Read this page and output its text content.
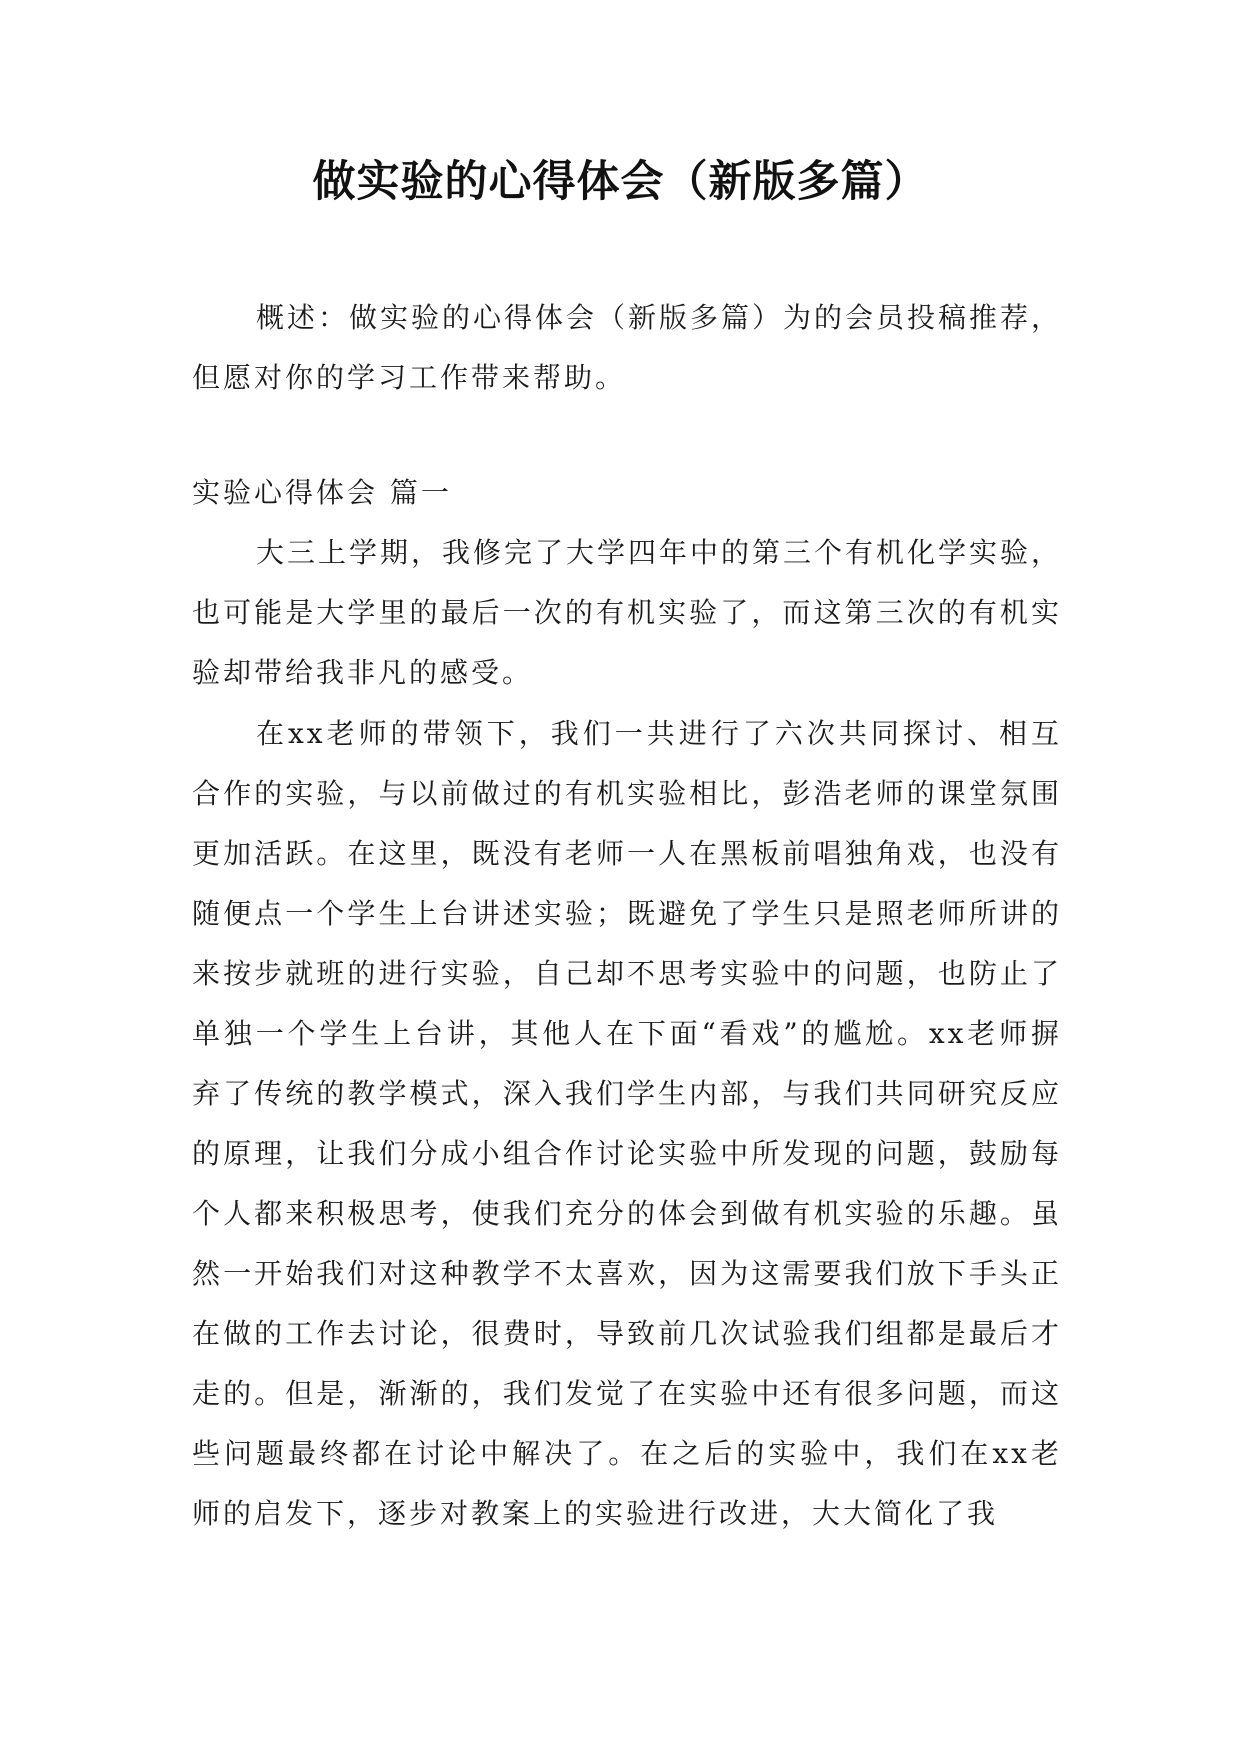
做实验的心得体会（新版多篇）

概述：做实验的心得体会（新版多篇）为的会员投稿推荐，但愿对你的学习工作带来帮助。

实验心得体会 篇一

大三上学期，我修完了大学四年中的第三个有机化学实验，也可能是大学里的最后一次的有机实验了，而这第三次的有机实验却带给我非凡的感受。

在xx老师的带领下，我们一共进行了六次共同探讨、相互合作的实验，与以前做过的有机实验相比，彭浩老师的课堂氛围更加活跃。在这里，既没有老师一人在黑板前唱独角戏，也没有随便点一个学生上台讲述实验；既避免了学生只是照老师所讲的来按步就班的进行实验，自己却不思考实验中的问题，也防止了单独一个学生上台讲，其他人在下面“看戏”的尴尬。xx老师摒弃了传统的教学模式，深入我们学生内部，与我们共同研究反应的原理，让我们分成小组合作讨论实验中所发现的问题，鼓励每个人都来积极思考，使我们充分的体会到做有机实验的乐趣。虽然一开始我们对这种教学不太喜欢，因为这需要我们放下手头正在做的工作去讨论，很费时，导致前几次试验我们组都是最后才走的。但是，渐渐的，我们发觉了在实验中还有很多问题，而这些问题最终都在讨论中解决了。在之后的实验中，我们在xx老师的启发下，逐步对教案上的实验进行改进，大大简化了我
